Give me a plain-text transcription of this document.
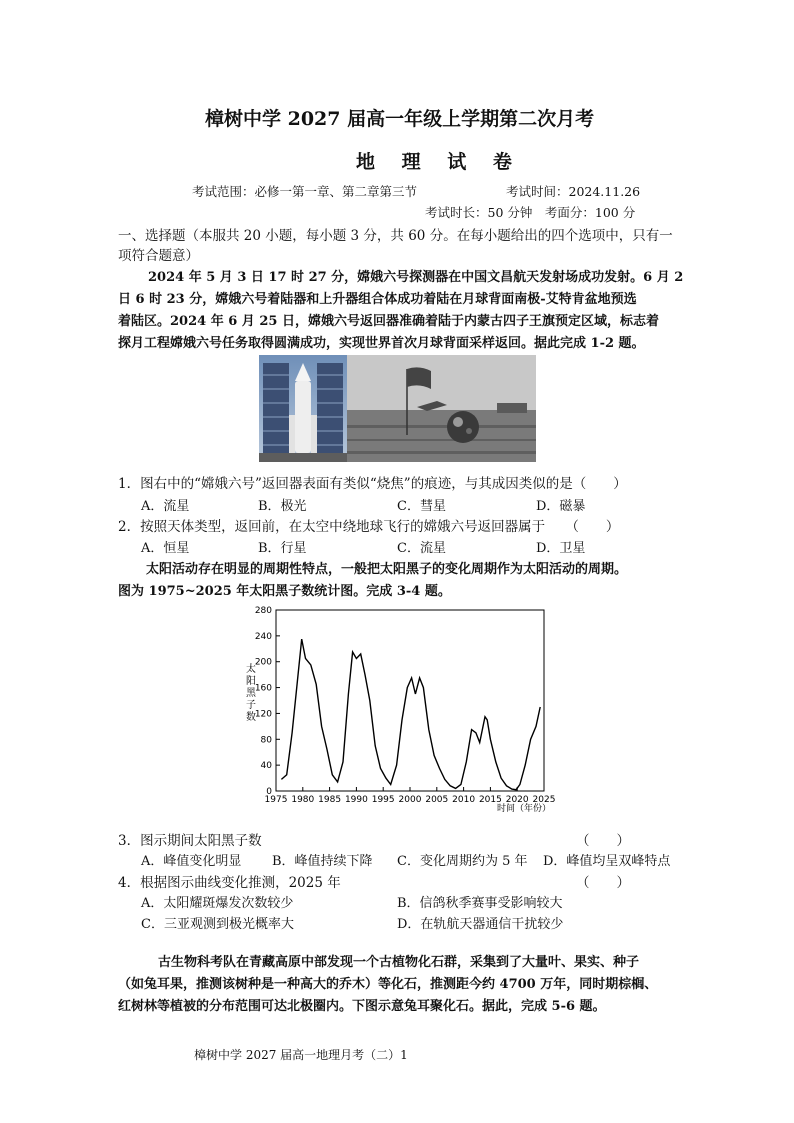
樟树中学 2027 届高一年级上学期第二次月考
地 理 试 卷
考试范围：必修一第一章、第二章第三节	考试时间：2024.11.26
考试时长：50 分钟　考面分：100 分
一、选择题（本服共 20 小题，每小题 3 分，共 60 分。在每小题给出的四个选项中，只有一
项符合题意）
2024 年 5 月 3 日 17 时 27 分，嫦娥六号探测器在中国文昌航天发射场成功发射。6 月 2
日 6 时 23 分，嫦娥六号着陆器和上升器组合体成功着陆在月球背面南极-艾特肯盆地预选
着陆区。2024 年 6 月 25 日，嫦娥六号返回器准确着陆于内蒙古四子王旗预定区域，标志着
探月工程嫦娥六号任务取得圆满成功，实现世界首次月球背面采样返回。据此完成 1-2 题。
1．图右中的“嫦娥六号”返回器表面有类似“烧焦”的痕迹，与其成因类似的是（　　）
A．流星	B．极光	C．彗星	D．磁暴
2．按照天体类型，返回前，在太空中绕地球飞行的嫦娥六号返回器属于　　（　　）
A．恒星	B．行星	C．流星	D．卫星
太阳活动存在明显的周期性特点，一般把太阳黑子的变化周期作为太阳活动的周期。
图为 1975~2025 年太阳黑子数统计图。完成 3-4 题。
0
40
80
120
160
200
240
280
1975 1980 1985 1990 1995 2000 2005 2010 2015 2020 2025
太阳黑子数
时间（年份）
3．图示期间太阳黑子数	（　　）
A．峰值变化明显 B．峰值持续下降 C．变化周期约为 5 年 D．峰值均呈双峰特点
4．根据图示曲线变化推测，2025 年	（　　）
A．太阳耀斑爆发次数较少	B．信鸽秋季赛事受影响较大
C．三亚观测到极光概率大	D．在轨航天器通信干扰较少
古生物科考队在青藏高原中部发现一个古植物化石群，采集到了大量叶、果实、种子
（如兔耳果，推测该树种是一种高大的乔木）等化石，推测距今约 4700 万年，同时期棕榈、
红树林等植被的分布范围可达北极圈内。下图示意兔耳聚化石。据此，完成 5-6 题。
樟树中学 2027 届高一地理月考（二）1
